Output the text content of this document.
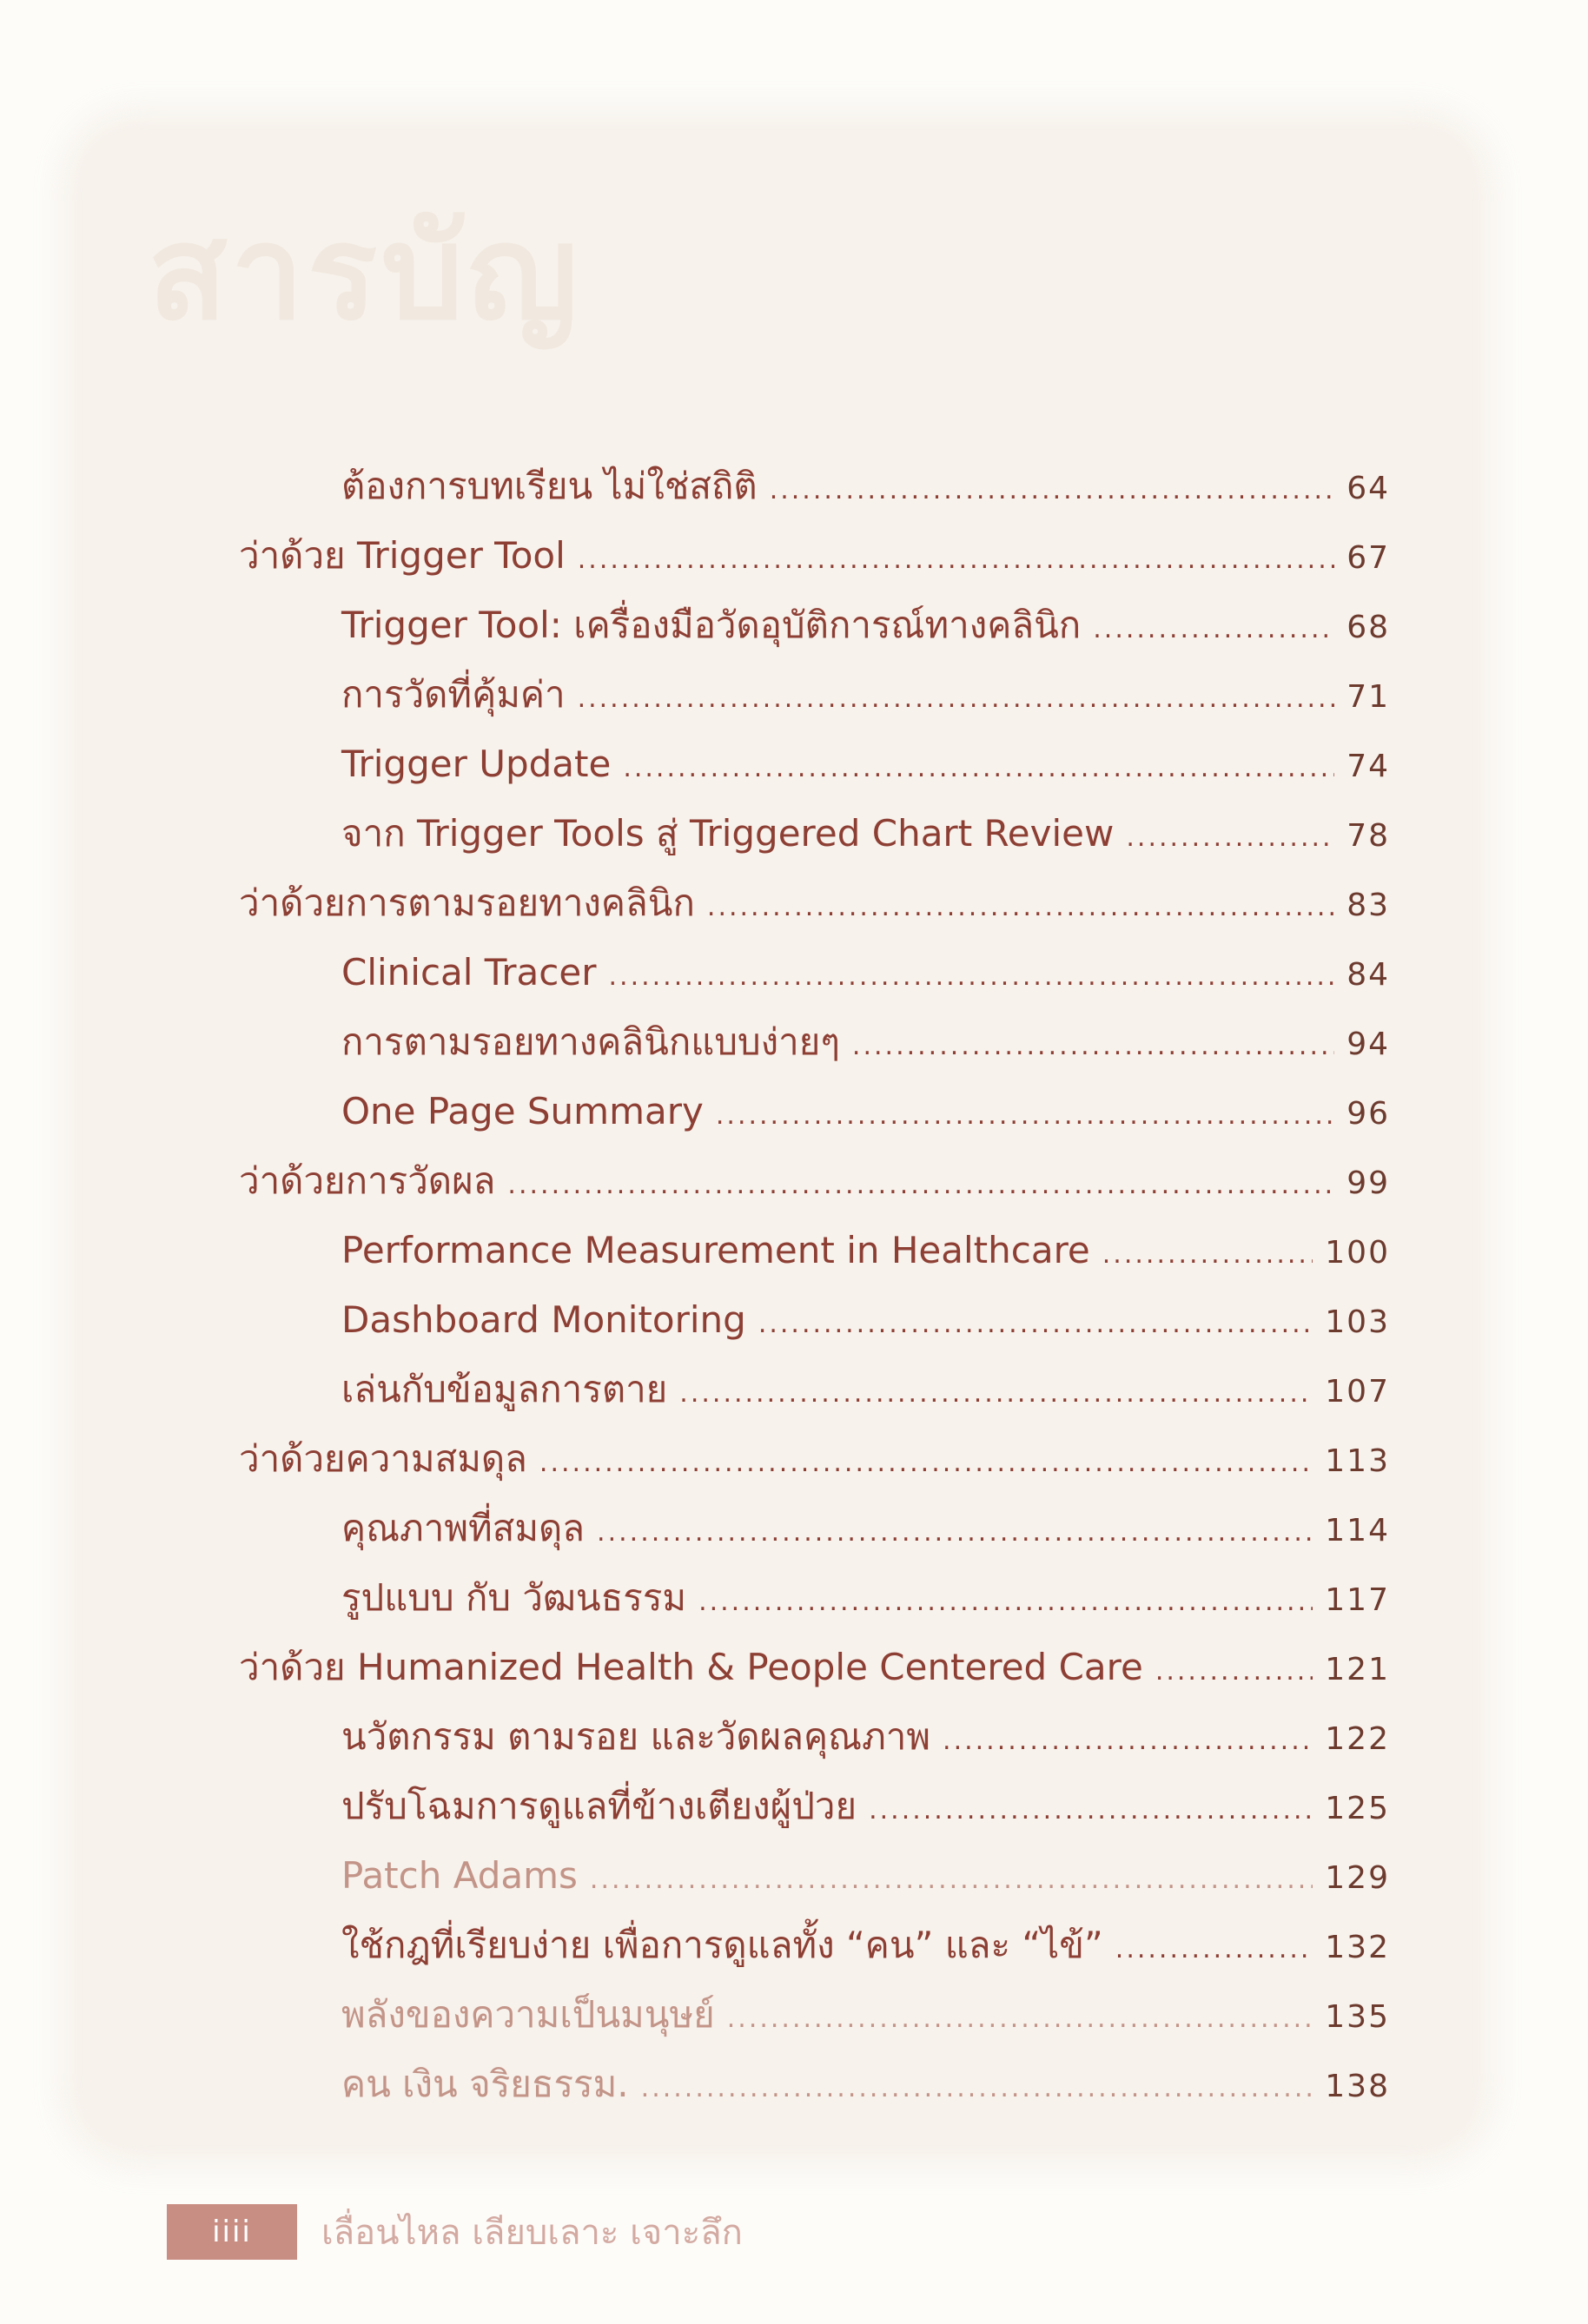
สารบัญ
ต้องการบทเรียน ไม่ใช่สถิติ .....	64
ว่าด้วย Trigger Tool .....	67
Trigger Tool: เครื่องมือวัดอุบัติการณ์ทางคลินิก .....	68
การวัดที่คุ้มค่า .....	71
Trigger Update .....	74
จาก Trigger Tools สู่ Triggered Chart Review .....	78
ว่าด้วยการตามรอยทางคลินิก .....	83
Clinical Tracer .....	84
การตามรอยทางคลินิกแบบง่ายๆ .....	94
One Page Summary .....	96
ว่าด้วยการวัดผล .....	99
Performance Measurement in Healthcare .....	100
Dashboard Monitoring .....	103
เล่นกับข้อมูลการตาย .....	107
ว่าด้วยความสมดุล .....	113
คุณภาพที่สมดุล .....	114
รูปแบบ กับ วัฒนธรรม .....	117
ว่าด้วย Humanized Health & People Centered Care .....	121
นวัตกรรม ตามรอย และวัดผลคุณภาพ .....	122
ปรับโฉมการดูแลที่ข้างเตียงผู้ป่วย .....	125
Patch Adams .....	129
ใช้กฎที่เรียบง่าย เพื่อการดูแลทั้ง “คน” และ “ไข้” .....	132
พลังของความเป็นมนุษย์ .....	135
คน เงิน จริยธรรม. .....	138
iiii	เลื่อนไหล เลียบเลาะ เจาะลึก
